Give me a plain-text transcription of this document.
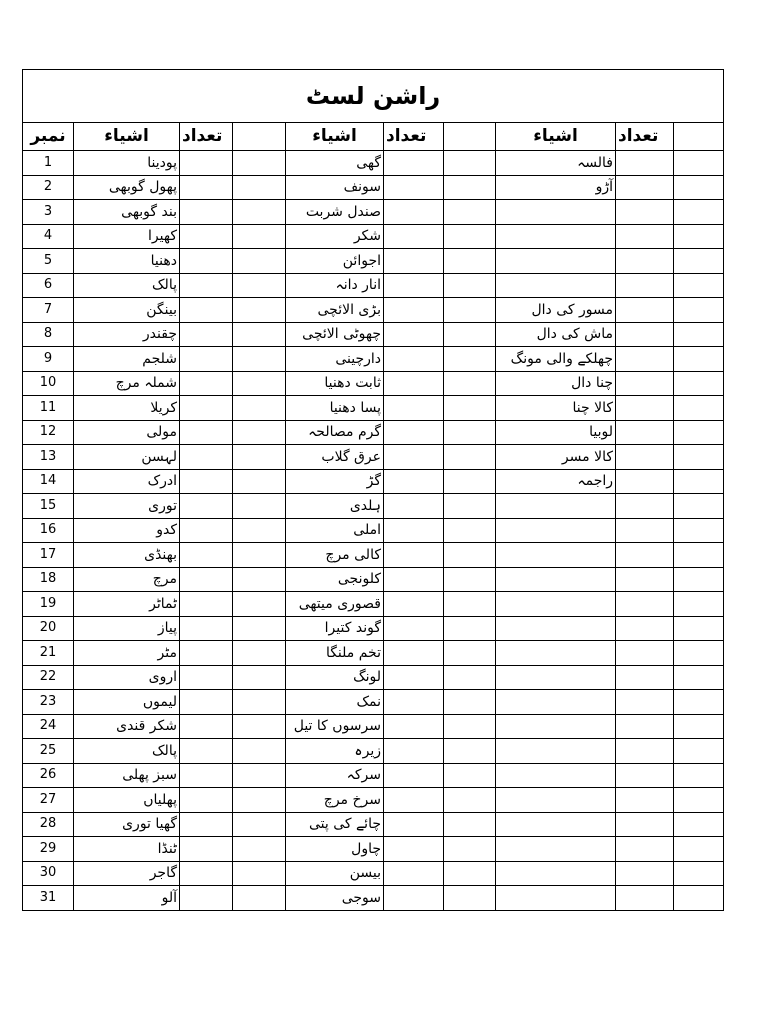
راشن لسٹ									
نمبر	اشیاء	تعداد		اشیاء	تعداد		اشیاء	تعداد	
1	پودینا			گھی			فالسہ		
2	پھول گوبھی			سونف			آڑو		
3	بند گوبھی			صندل شربت					
4	کھیرا			شکر					
5	دھنیا			اجوائن					
6	پالک			انار دانہ					
7	بینگن			بڑی الائچی			مسور کی دال		
8	چقندر			چھوٹی الائچی			ماش کی دال		
9	شلجم			دارچینی			چھلکے والی مونگ		
10	شملہ مرچ			ثابت دھنیا			چنا دال		
11	کریلا			پسا دھنیا			کالا چنا		
12	مولی			گرم مصالحہ			لوبیا		
13	لہسن			عرق گلاب			کالا مسر		
14	ادرک			گڑ			راجمہ		
15	توری			ہلدی					
16	کدو			املی					
17	بھنڈی			کالی مرچ					
18	مرچ			کلونجی					
19	ٹماٹر			قصوری میتھی					
20	پیاز			گوند کتیرا					
21	مٹر			تخم ملنگا					
22	اروی			لونگ					
23	لیموں			نمک					
24	شکر قندی			سرسوں کا تیل					
25	پالک			زیرہ					
26	سبز پھلی			سرکہ					
27	پھلیاں			سرخ مرچ					
28	گھیا توری			چائے کی پتی					
29	ٹنڈا			چاول					
30	گاجر			بیسن					
31	آلو			سوجی					
